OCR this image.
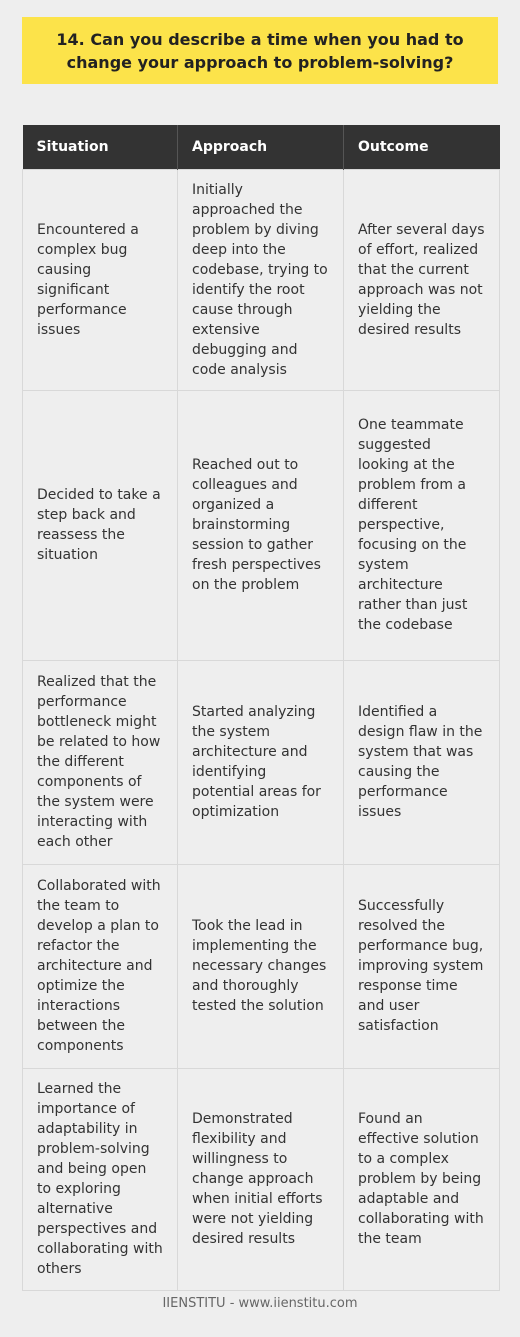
14. Can you describe a time when you had to change your approach to problem-solving?
Situation	Approach	Outcome
Encountered a complex bug causing significant performance issues	Initially approached the problem by diving deep into the codebase, trying to identify the root cause through extensive debugging and code analysis	After several days of effort, realized that the current approach was not yielding the desired results
Decided to take a step back and reassess the situation	Reached out to colleagues and organized a brainstorming session to gather fresh perspectives on the problem	One teammate suggested looking at the problem from a different perspective, focusing on the system architecture rather than just the codebase
Realized that the performance bottleneck might be related to how the different components of the system were interacting with each other	Started analyzing the system architecture and identifying potential areas for optimization	Identified a design flaw in the system that was causing the performance issues
Collaborated with the team to develop a plan to refactor the architecture and optimize the interactions between the components	Took the lead in implementing the necessary changes and thoroughly tested the solution	Successfully resolved the performance bug, improving system response time and user satisfaction
Learned the importance of adaptability in problem-solving and being open to exploring alternative perspectives and collaborating with others	Demonstrated flexibility and willingness to change approach when initial efforts were not yielding desired results	Found an effective solution to a complex problem by being adaptable and collaborating with the team
IIENSTITU - www.iienstitu.com
